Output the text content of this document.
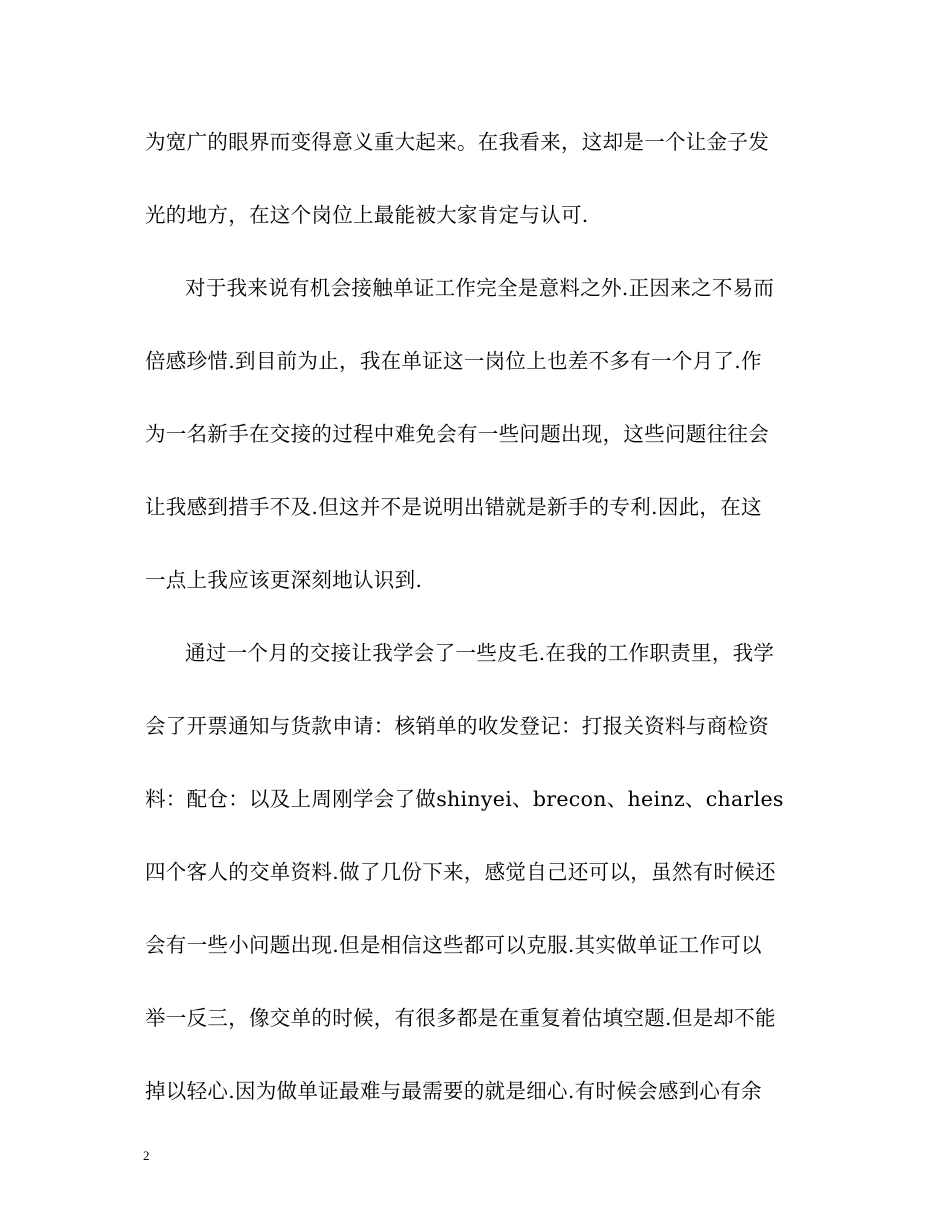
为宽广的眼界而变得意义重大起来。在我看来，这却是一个让金子发
光的地方，在这个岗位上最能被大家肯定与认可.
对于我来说有机会接触单证工作完全是意料之外.正因来之不易而
倍感珍惜.到目前为止，我在单证这一岗位上也差不多有一个月了.作
为一名新手在交接的过程中难免会有一些问题出现，这些问题往往会
让我感到措手不及.但这并不是说明出错就是新手的专利.因此，在这
一点上我应该更深刻地认识到.
通过一个月的交接让我学会了一些皮毛.在我的工作职责里，我学
会了开票通知与货款申请：核销单的收发登记：打报关资料与商检资
料：配仓：以及上周刚学会了做shinyei、brecon、heinz、charles
四个客人的交单资料.做了几份下来，感觉自己还可以，虽然有时候还
会有一些小问题出现.但是相信这些都可以克服.其实做单证工作可以
举一反三，像交单的时候，有很多都是在重复着估填空题.但是却不能
掉以轻心.因为做单证最难与最需要的就是细心.有时候会感到心有余
2
